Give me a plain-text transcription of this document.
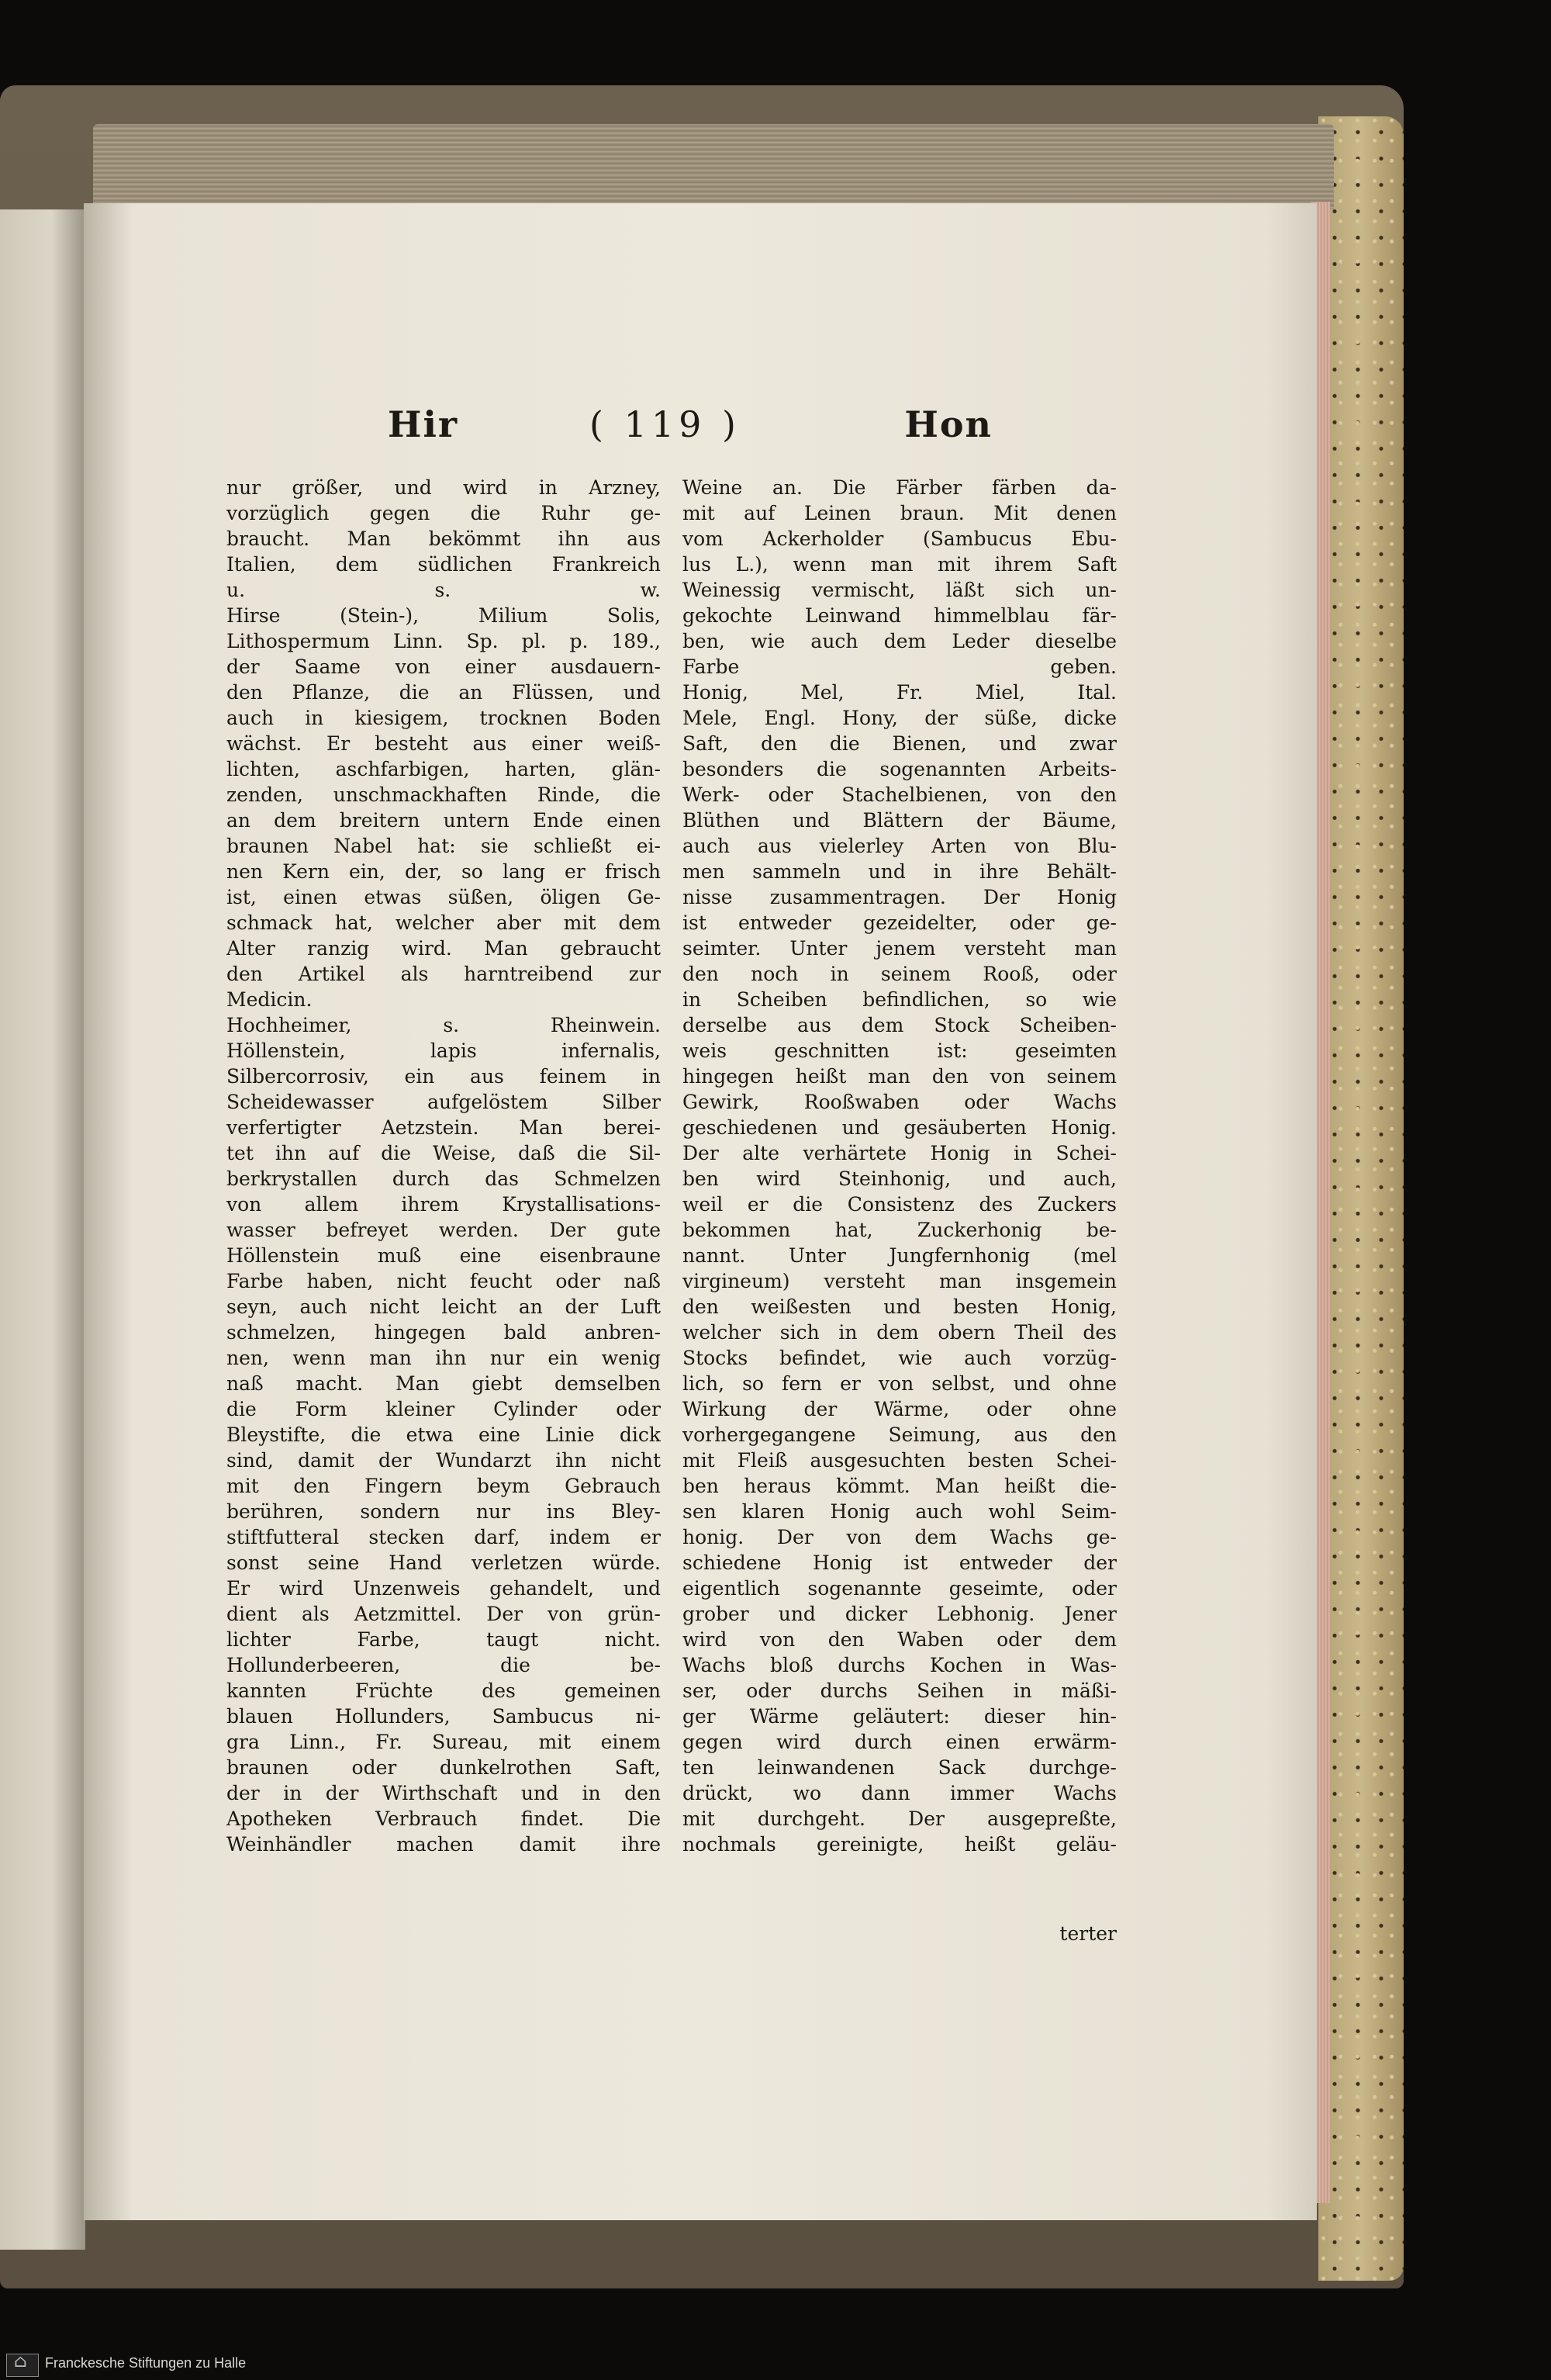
Hir	( 119 )	Hon
nur größer, und wird in Arzney,
vorzüglich gegen die Ruhr ge-
braucht. Man bekömmt ihn aus
Italien, dem südlichen Frankreich
u. s. w.
Hirse (Stein-), Milium Solis,
Lithospermum Linn. Sp. pl. p. 189.,
der Saame von einer ausdauern-
den Pflanze, die an Flüssen, und
auch in kiesigem, trocknen Boden
wächst. Er besteht aus einer weiß-
lichten, aschfarbigen, harten, glän-
zenden, unschmackhaften Rinde, die
an dem breitern untern Ende einen
braunen Nabel hat: sie schließt ei-
nen Kern ein, der, so lang er frisch
ist, einen etwas süßen, öligen Ge-
schmack hat, welcher aber mit dem
Alter ranzig wird. Man gebraucht
den Artikel als harntreibend zur
Medicin.
Hochheimer, s. Rheinwein.
Höllenstein, lapis infernalis,
Silbercorrosiv, ein aus feinem in
Scheidewasser aufgelöstem Silber
verfertigter Aetzstein. Man berei-
tet ihn auf die Weise, daß die Sil-
berkrystallen durch das Schmelzen
von allem ihrem Krystallisations-
wasser befreyet werden. Der gute
Höllenstein muß eine eisenbraune
Farbe haben, nicht feucht oder naß
seyn, auch nicht leicht an der Luft
schmelzen, hingegen bald anbren-
nen, wenn man ihn nur ein wenig
naß macht. Man giebt demselben
die Form kleiner Cylinder oder
Bleystifte, die etwa eine Linie dick
sind, damit der Wundarzt ihn nicht
mit den Fingern beym Gebrauch
berühren, sondern nur ins Bley-
stiftfutteral stecken darf, indem er
sonst seine Hand verletzen würde.
Er wird Unzenweis gehandelt, und
dient als Aetzmittel. Der von grün-
lichter Farbe, taugt nicht.
Hollunderbeeren, die be-
kannten Früchte des gemeinen
blauen Hollunders, Sambucus ni-
gra Linn., Fr. Sureau, mit einem
braunen oder dunkelrothen Saft,
der in der Wirthschaft und in den
Apotheken Verbrauch findet. Die
Weinhändler machen damit ihre
Weine an. Die Färber färben da-
mit auf Leinen braun. Mit denen
vom Ackerholder (Sambucus Ebu-
lus L.), wenn man mit ihrem Saft
Weinessig vermischt, läßt sich un-
gekochte Leinwand himmelblau fär-
ben, wie auch dem Leder dieselbe
Farbe geben.
Honig, Mel, Fr. Miel, Ital.
Mele, Engl. Hony, der süße, dicke
Saft, den die Bienen, und zwar
besonders die sogenannten Arbeits-
Werk- oder Stachelbienen, von den
Blüthen und Blättern der Bäume,
auch aus vielerley Arten von Blu-
men sammeln und in ihre Behält-
nisse zusammentragen. Der Honig
ist entweder gezeidelter, oder ge-
seimter. Unter jenem versteht man
den noch in seinem Rooß, oder
in Scheiben befindlichen, so wie
derselbe aus dem Stock Scheiben-
weis geschnitten ist: geseimten
hingegen heißt man den von seinem
Gewirk, Rooßwaben oder Wachs
geschiedenen und gesäuberten Honig.
Der alte verhärtete Honig in Schei-
ben wird Steinhonig, und auch,
weil er die Consistenz des Zuckers
bekommen hat, Zuckerhonig be-
nannt. Unter Jungfernhonig (mel
virgineum) versteht man insgemein
den weißesten und besten Honig,
welcher sich in dem obern Theil des
Stocks befindet, wie auch vorzüg-
lich, so fern er von selbst, und ohne
Wirkung der Wärme, oder ohne
vorhergegangene Seimung, aus den
mit Fleiß ausgesuchten besten Schei-
ben heraus kömmt. Man heißt die-
sen klaren Honig auch wohl Seim-
honig. Der von dem Wachs ge-
schiedene Honig ist entweder der
eigentlich sogenannte geseimte, oder
grober und dicker Lebhonig. Jener
wird von den Waben oder dem
Wachs bloß durchs Kochen in Was-
ser, oder durchs Seihen in mäßi-
ger Wärme geläutert: dieser hin-
gegen wird durch einen erwärm-
ten leinwandenen Sack durchge-
drückt, wo dann immer Wachs
mit durchgeht. Der ausgepreßte,
nochmals gereinigte, heißt geläu-
terter
⌂
Franckesche Stiftungen zu Halle
